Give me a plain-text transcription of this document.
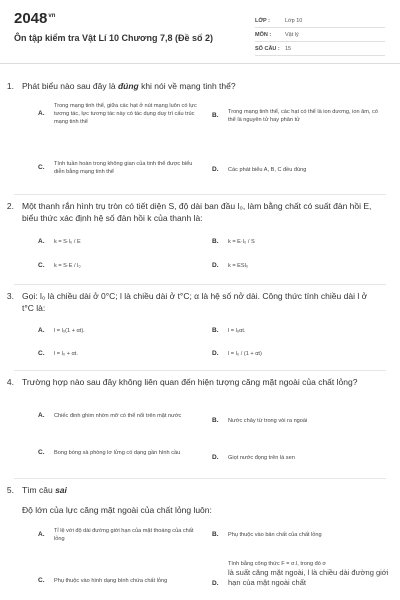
$2048^{vn}$
Ôn tập kiểm tra Vật Lí 10 Chương 7,8 (Đề số 2)
LỚP :	Lớp 10
MÔN :	Vật lý
SỐ CÂU : 15
1. Phát biểu nào sau đây là đúng khi nói về mạng tinh thể?
A.
Trong mạng tinh thể, giữa các hạt ở nút mạng luôn có lực tương tác, lực tương tác này có tác dụng duy trì cấu trúc mạng tinh thể
B.	Trong mạng tinh thể, các hạt có thể là ion dương, ion âm, có thể là nguyên tử hay phân tử
C.	Tính tuần hoàn trong không gian của tinh thể được biểu diễn bằng mạng tinh thể	D.	Các phát biểu A, B, C đều đúng
2. Một thanh rắn hình trụ tròn có tiết diện S, độ dài ban đầu l₀, làm bằng chất có suất đàn hồi E, biểu thức xác định hệ số đàn hồi k của thanh là:
A.	k = S·l₀ / E	B.	k = E·l₀ / S
C.	k = S·E / l₀	D.	k = ESl₀
3. Gọi: l₀ là chiều dài ở 0°C; l là chiều dài ở t°C; α là hệ số nở dài. Công thức tính chiều dài l ở t°C là:
A.	l = l₀(1 + αt).	B.	l = l₀αt.
C.	l = l₀ + αt.	D.	l = l₀ / (1 + αt)
4. Trường hợp nào sau đây không liên quan đến hiện tượng căng mặt ngoài của chất lỏng?
A.	Chiếc đinh ghim nhờn mỡ có thể nổi trên mặt nước
B.	Nước chảy từ trong vòi ra ngoài
C.	Bong bóng xà phòng lơ lửng có dạng gần hình cầu
D.	Giọt nước đọng trên lá sen
5. Tìm câu sai
Độ lớn của lực căng mặt ngoài của chất lỏng luôn:
A.	Tỉ lệ với độ dài đường giới hạn của mặt thoáng của chất lỏng
B.	Phụ thuộc vào bản chất của chất lỏng
C.	Phụ thuộc vào hình dạng bình chứa chất lỏng	D.
Tính bằng công thức F = σ.l, trong đó σ
là suất căng mặt ngoài, l là chiều dài đường giới hạn của mặt ngoài chất
